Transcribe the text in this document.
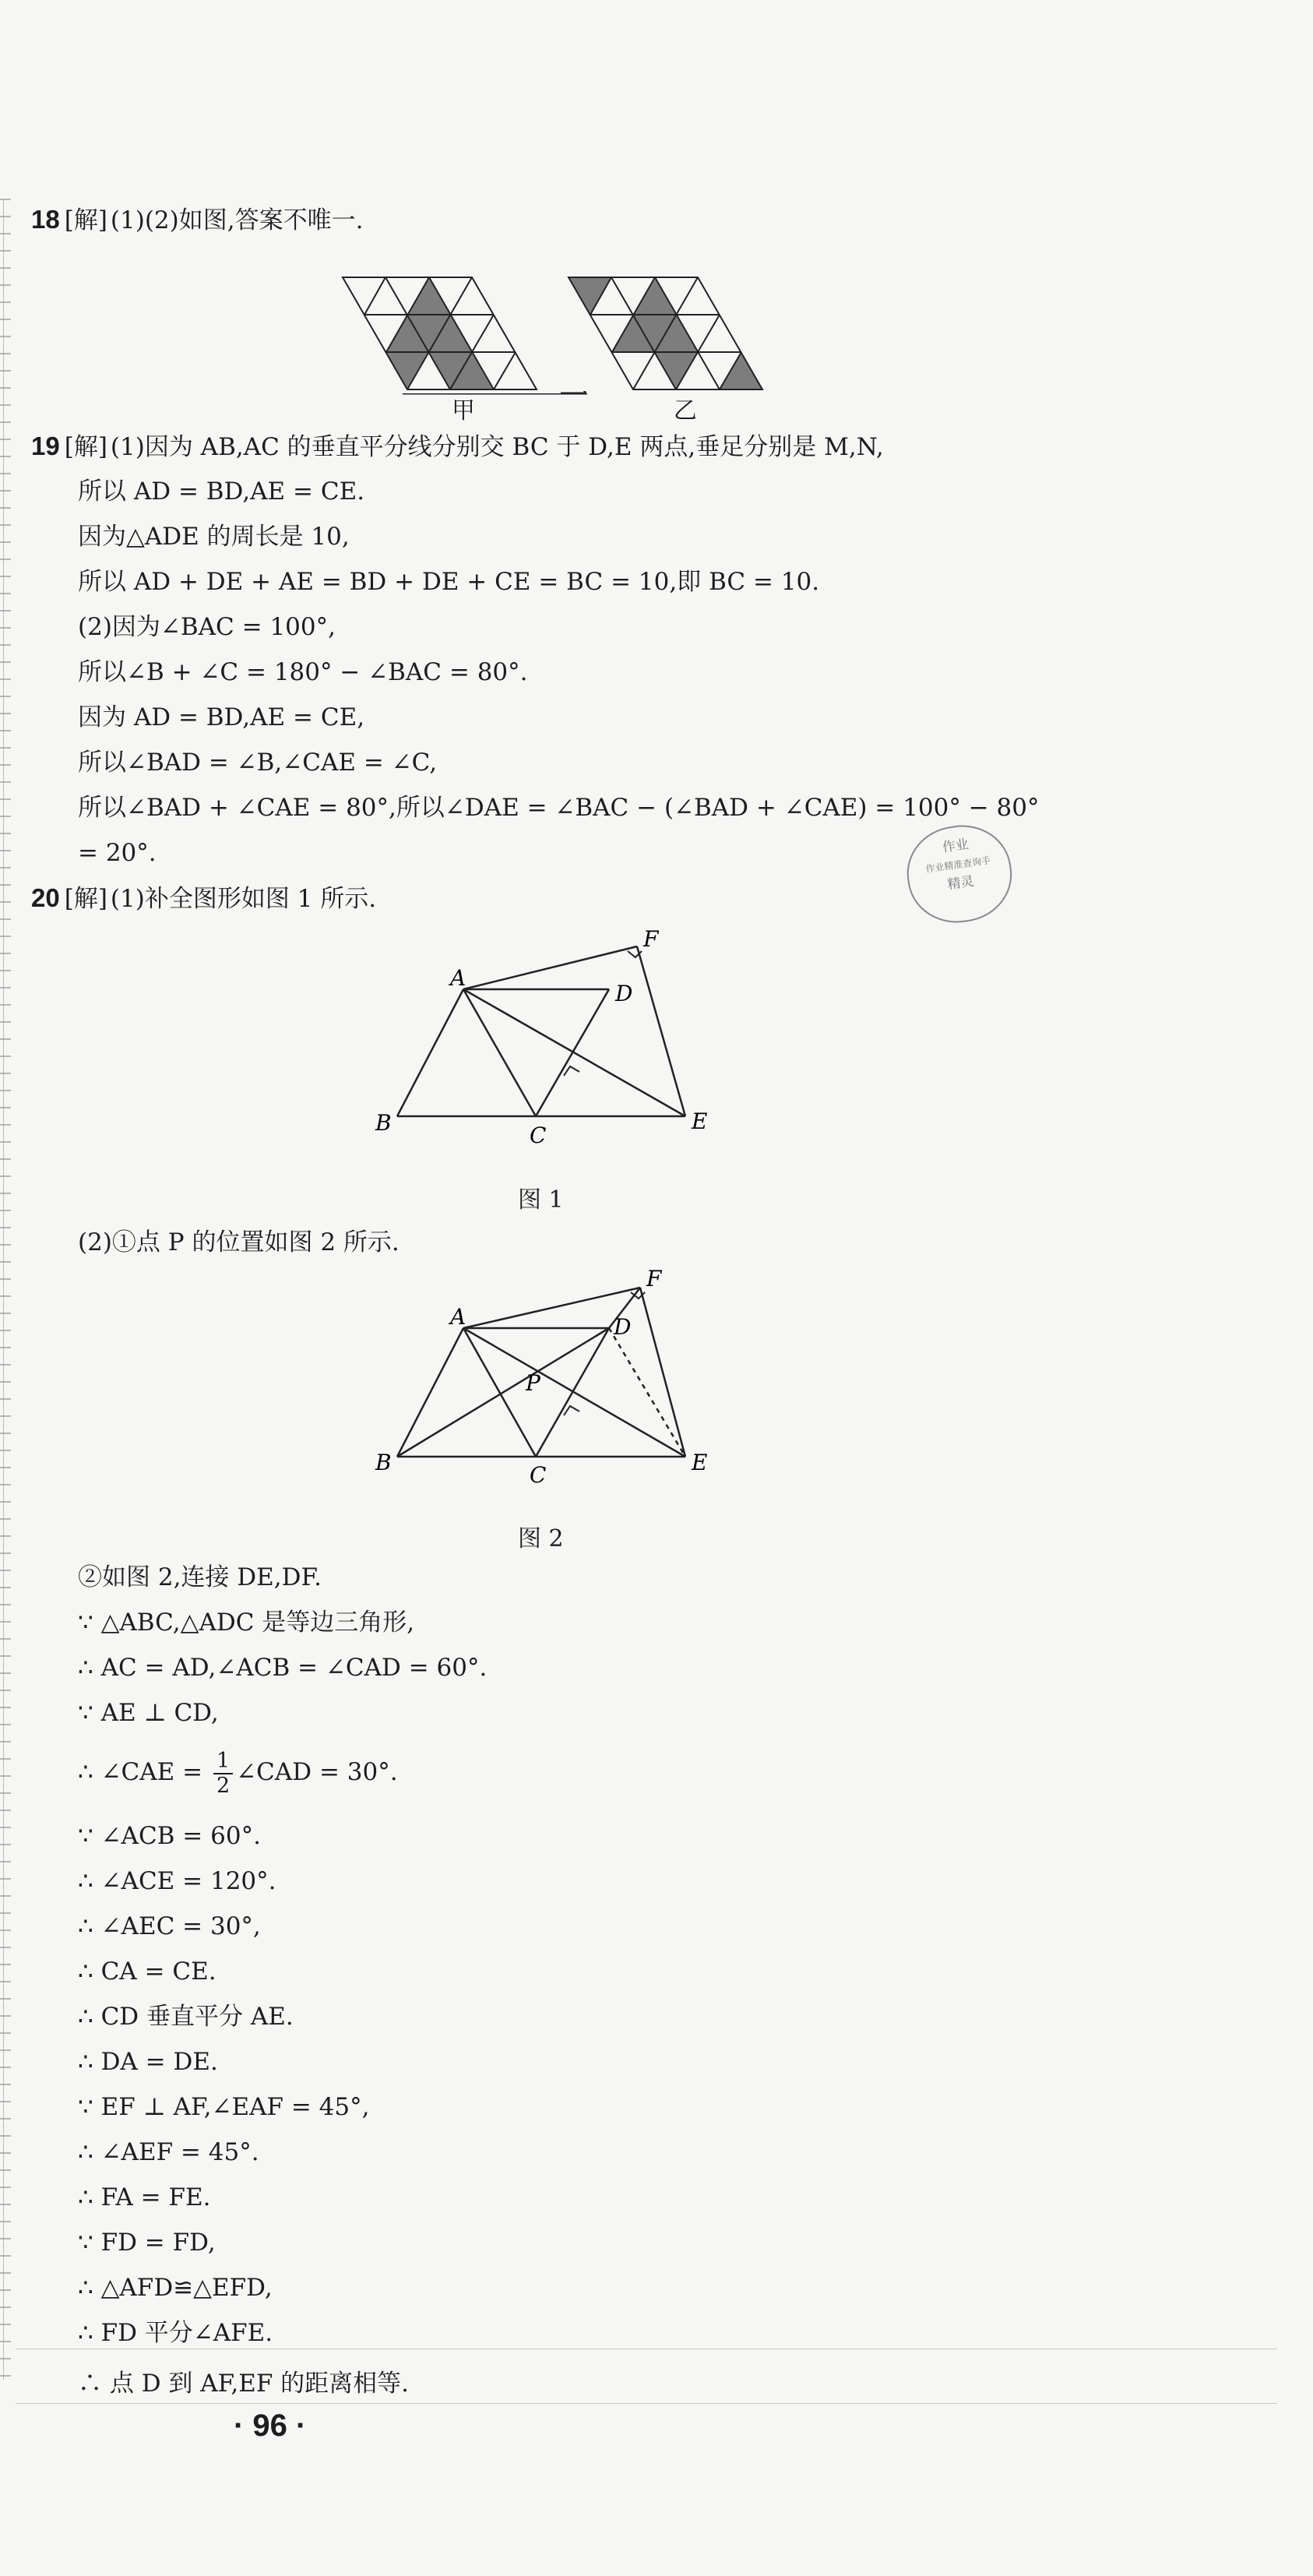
18 [解] (1)(2)如图,答案不唯一.
甲	乙
19 [解] (1)因为 AB,AC 的垂直平分线分别交 BC 于 D,E 两点,垂足分别是 M,N,
所以 AD = BD,AE = CE.
因为△ADE 的周长是 10,
所以 AD + DE + AE = BD + DE + CE = BC = 10,即 BC = 10.
(2)因为∠BAC = 100°,
所以∠B + ∠C = 180° − ∠BAC = 80°.
因为 AD = BD,AE = CE,
所以∠BAD = ∠B,∠CAE = ∠C,
所以∠BAD + ∠CAE = 80°,所以∠DAE = ∠BAC − (∠BAD + ∠CAE) = 100° − 80°
= 20°.	作业
作业精准查询手
精灵
20 [解] (1)补全图形如图 1 所示.
A
B	C
D
E
F
图 1
(2)①点 P 的位置如图 2 所示.
A
B	C
D
E
F
P
图 2
②如图 2,连接 DE,DF.
∵ △ABC,△ADC 是等边三角形,
∴ AC = AD,∠ACB = ∠CAD = 60°.
∵ AE ⊥ CD,
∴ ∠CAE = $\frac{1}{2}$ ∠CAD = 30°.
∵ ∠ACB = 60°.
∴ ∠ACE = 120°.
∴ ∠AEC = 30°,
∴ CA = CE.
∴ CD 垂直平分 AE.
∴ DA = DE.
∵ EF ⊥ AF,∠EAF = 45°,
∴ ∠AEF = 45°.
∴ FA = FE.
∵ FD = FD,
∴ △AFD≌△EFD,
∴ FD 平分∠AFE.
∴ 点 D 到 AF,EF 的距离相等.
· 96 ·
